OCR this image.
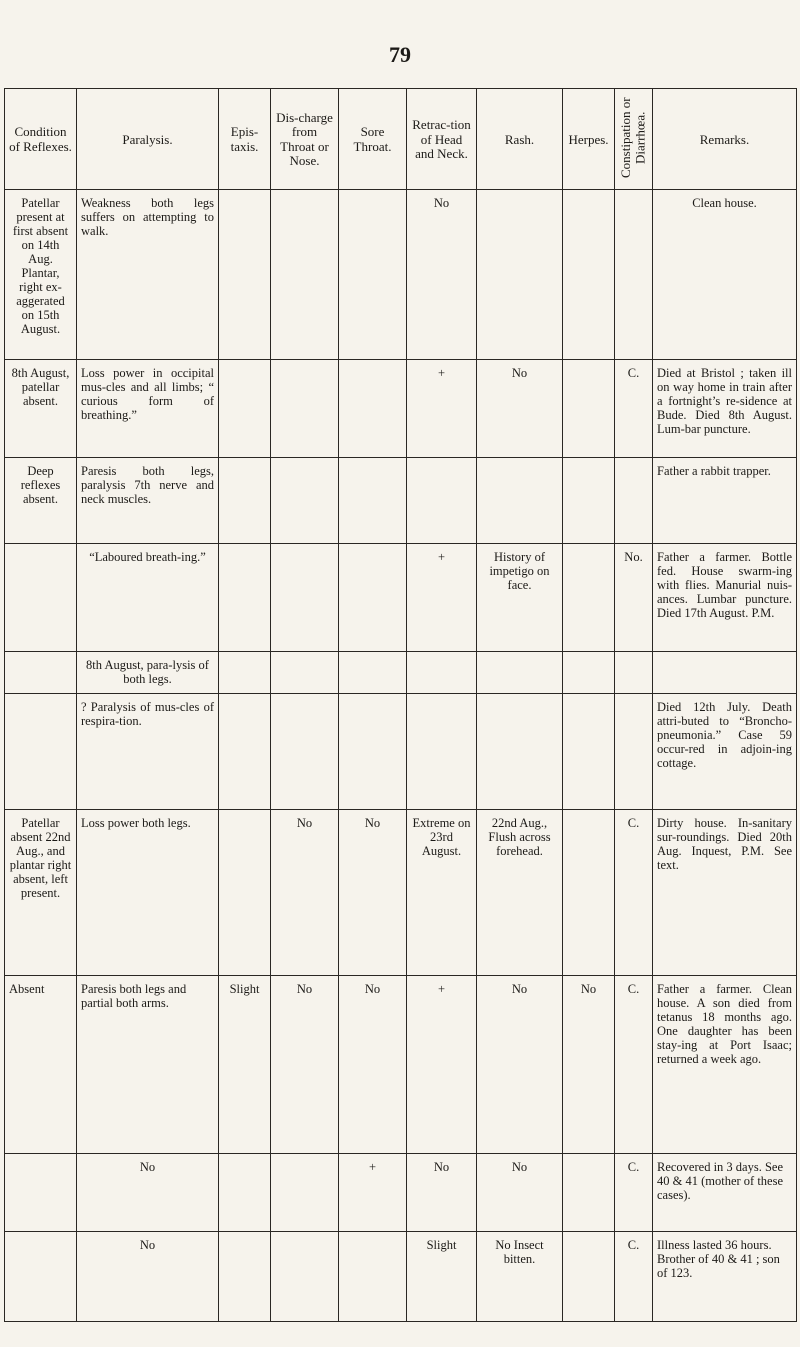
79
Condition of Reflexes.	Paralysis.	Epis-taxis.	Dis-charge from Throat or Nose.	Sore Throat.	Retrac-tion of Head and Neck.	Rash.	Herpes.	Constipation or Diarrhœa.	Remarks.
Patellar present at first absent on 14th Aug. Plantar, right ex-aggerated on 15th August.	Weakness both legs suffers on attempting to walk.				No				Clean house.
8th August, patellar absent.	Loss power in occipital mus-cles and all limbs; “ curious form of breathing.”				+	No		C.	Died at Bristol ; taken ill on way home in train after a fortnight’s re-sidence at Bude. Died 8th August. Lum-bar puncture.
Deep reflexes absent.	Paresis both legs, paralysis 7th nerve and neck muscles.								Father a rabbit trapper.
	“Laboured breath-ing.”				+	History of impetigo on face.		No.	Father a farmer. Bottle fed. House swarm-ing with flies. Manurial nuis-ances. Lumbar puncture. Died 17th August. P.M.
	8th August, para-lysis of both legs.								
	? Paralysis of mus-cles of respira-tion.								Died 12th July. Death attri-buted to “Broncho-pneumonia.” Case 59 occur-red in adjoin-ing cottage.
Patellar absent 22nd Aug., and plantar right absent, left present.	Loss power both legs.		No	No	Extreme on 23rd August.	22nd Aug., Flush across forehead.		C.	Dirty house. In-sanitary sur-roundings. Died 20th Aug. Inquest, P.M. See text.
Absent	Paresis both legs and partial both arms.	Slight	No	No	+	No	No	C.	Father a farmer. Clean house. A son died from tetanus 18 months ago. One daughter has been stay-ing at Port Isaac; returned a week ago.
	No			+	No	No		C.	Recovered in 3 days. See 40 & 41 (mother of these cases).
	No				Slight	No Insect bitten.		C.	Illness lasted 36 hours. Brother of 40 & 41 ; son of 123.
